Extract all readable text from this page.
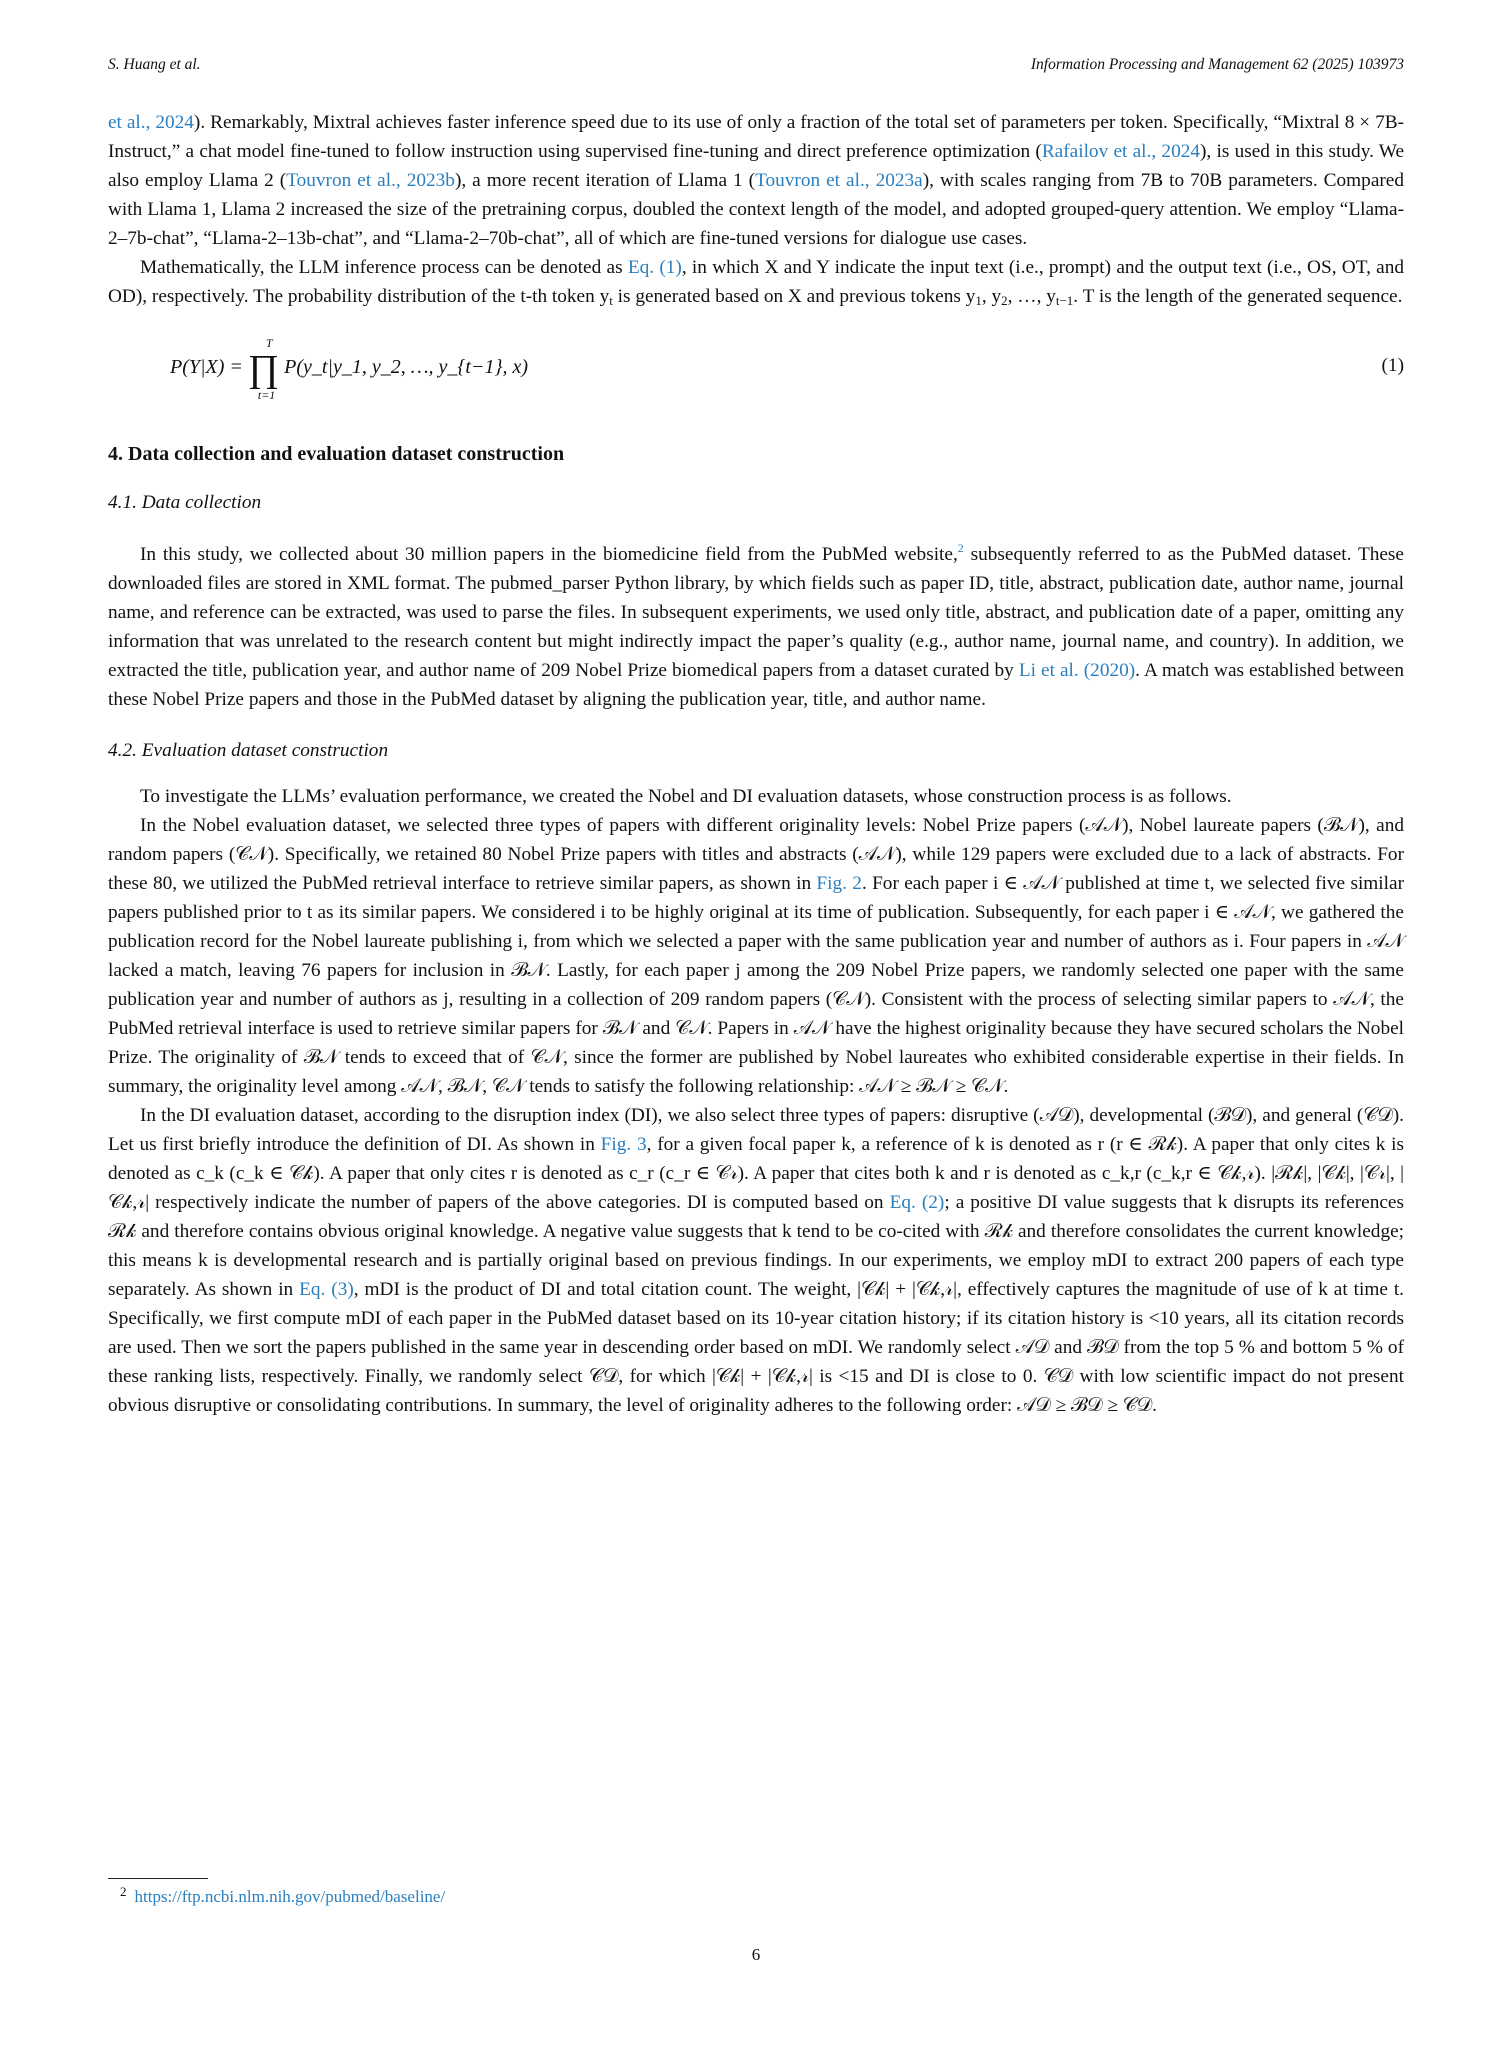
S. Huang et al.	Information Processing and Management 62 (2025) 103973

et al., 2024). Remarkably, Mixtral achieves faster inference speed due to its use of only a fraction of the total set of parameters per token. Specifically, “Mixtral 8 × 7B-Instruct,” a chat model fine-tuned to follow instruction using supervised fine-tuning and direct preference optimization (Rafailov et al., 2024), is used in this study. We also employ Llama 2 (Touvron et al., 2023b), a more recent iteration of Llama 1 (Touvron et al., 2023a), with scales ranging from 7B to 70B parameters. Compared with Llama 1, Llama 2 increased the size of the pretraining corpus, doubled the context length of the model, and adopted grouped-query attention. We employ “Llama-2–7b-chat”, “Llama-2–13b-chat”, and “Llama-2–70b-chat”, all of which are fine-tuned versions for dialogue use cases.

Mathematically, the LLM inference process can be denoted as Eq. (1), in which X and Y indicate the input text (i.e., prompt) and the output text (i.e., OS, OT, and OD), respectively. The probability distribution of the t-th token $y_t$ is generated based on X and previous tokens $y_1$, $y_2$, …, $y_{t-1}$. T is the length of the generated sequence.

P(Y|X) = ∏
T
t=1
P(y_t|y_1, y_2, …, y_{t−1}, x)	(1)
4. Data collection and evaluation dataset construction
4.1. Data collection

In this study, we collected about 30 million papers in the biomedicine field from the PubMed website,$^2$ subsequently referred to as the PubMed dataset. These downloaded files are stored in XML format. The pubmed_parser Python library, by which fields such as paper ID, title, abstract, publication date, author name, journal name, and reference can be extracted, was used to parse the files. In subsequent experiments, we used only title, abstract, and publication date of a paper, omitting any information that was unrelated to the research content but might indirectly impact the paper’s quality (e.g., author name, journal name, and country). In addition, we extracted the title, publication year, and author name of 209 Nobel Prize biomedical papers from a dataset curated by Li et al. (2020). A match was established between these Nobel Prize papers and those in the PubMed dataset by aligning the publication year, title, and author name.

4.2. Evaluation dataset construction

To investigate the LLMs’ evaluation performance, we created the Nobel and DI evaluation datasets, whose construction process is as follows.

In the Nobel evaluation dataset, we selected three types of papers with different originality levels: Nobel Prize papers (𝒜𝒩), Nobel laureate papers (ℬ𝒩), and random papers (𝒞𝒩). Specifically, we retained 80 Nobel Prize papers with titles and abstracts (𝒜𝒩), while 129 papers were excluded due to a lack of abstracts. For these 80, we utilized the PubMed retrieval interface to retrieve similar papers, as shown in Fig. 2. For each paper i ∈ 𝒜𝒩 published at time t, we selected five similar papers published prior to t as its similar papers. We considered i to be highly original at its time of publication. Subsequently, for each paper i ∈ 𝒜𝒩, we gathered the publication record for the Nobel laureate publishing i, from which we selected a paper with the same publication year and number of authors as i. Four papers in 𝒜𝒩 lacked a match, leaving 76 papers for inclusion in ℬ𝒩. Lastly, for each paper j among the 209 Nobel Prize papers, we randomly selected one paper with the same publication year and number of authors as j, resulting in a collection of 209 random papers (𝒞𝒩). Consistent with the process of selecting similar papers to 𝒜𝒩, the PubMed retrieval interface is used to retrieve similar papers for ℬ𝒩 and 𝒞𝒩. Papers in 𝒜𝒩 have the highest originality because they have secured scholars the Nobel Prize. The originality of ℬ𝒩 tends to exceed that of 𝒞𝒩, since the former are published by Nobel laureates who exhibited considerable expertise in their fields. In summary, the originality level among 𝒜𝒩, ℬ𝒩, 𝒞𝒩 tends to satisfy the following relationship: 𝒜𝒩 ≥ ℬ𝒩 ≥ 𝒞𝒩.

In the DI evaluation dataset, according to the disruption index (DI), we also select three types of papers: disruptive (𝒜𝒟), developmental (ℬ𝒟), and general (𝒞𝒟). Let us first briefly introduce the definition of DI. As shown in Fig. 3, for a given focal paper k, a reference of k is denoted as r (r ∈ ℛ𝓀). A paper that only cites k is denoted as c_k (c_k ∈ 𝒞𝓀). A paper that only cites r is denoted as c_r (c_r ∈ 𝒞𝓇). A paper that cites both k and r is denoted as c_k,r (c_k,r ∈ 𝒞𝓀,𝓇). |ℛ𝓀|, |𝒞𝓀|, |𝒞𝓇|, |𝒞𝓀,𝓇| respectively indicate the number of papers of the above categories. DI is computed based on Eq. (2); a positive DI value suggests that k disrupts its references ℛ𝓀 and therefore contains obvious original knowledge. A negative value suggests that k tend to be co-cited with ℛ𝓀 and therefore consolidates the current knowledge; this means k is developmental research and is partially original based on previous findings. In our experiments, we employ mDI to extract 200 papers of each type separately. As shown in Eq. (3), mDI is the product of DI and total citation count. The weight, |𝒞𝓀| + |𝒞𝓀,𝓇|, effectively captures the magnitude of use of k at time t. Specifically, we first compute mDI of each paper in the PubMed dataset based on its 10-year citation history; if its citation history is <10 years, all its citation records are used. Then we sort the papers published in the same year in descending order based on mDI. We randomly select 𝒜𝒟 and ℬ𝒟 from the top 5 % and bottom 5 % of these ranking lists, respectively. Finally, we randomly select 𝒞𝒟, for which |𝒞𝓀| + |𝒞𝓀,𝓇| is <15 and DI is close to 0. 𝒞𝒟 with low scientific impact do not present obvious disruptive or consolidating contributions. In summary, the level of originality adheres to the following order: 𝒜𝒟 ≥ ℬ𝒟 ≥ 𝒞𝒟.

$^2$ https://ftp.ncbi.nlm.nih.gov/pubmed/baseline/
6
